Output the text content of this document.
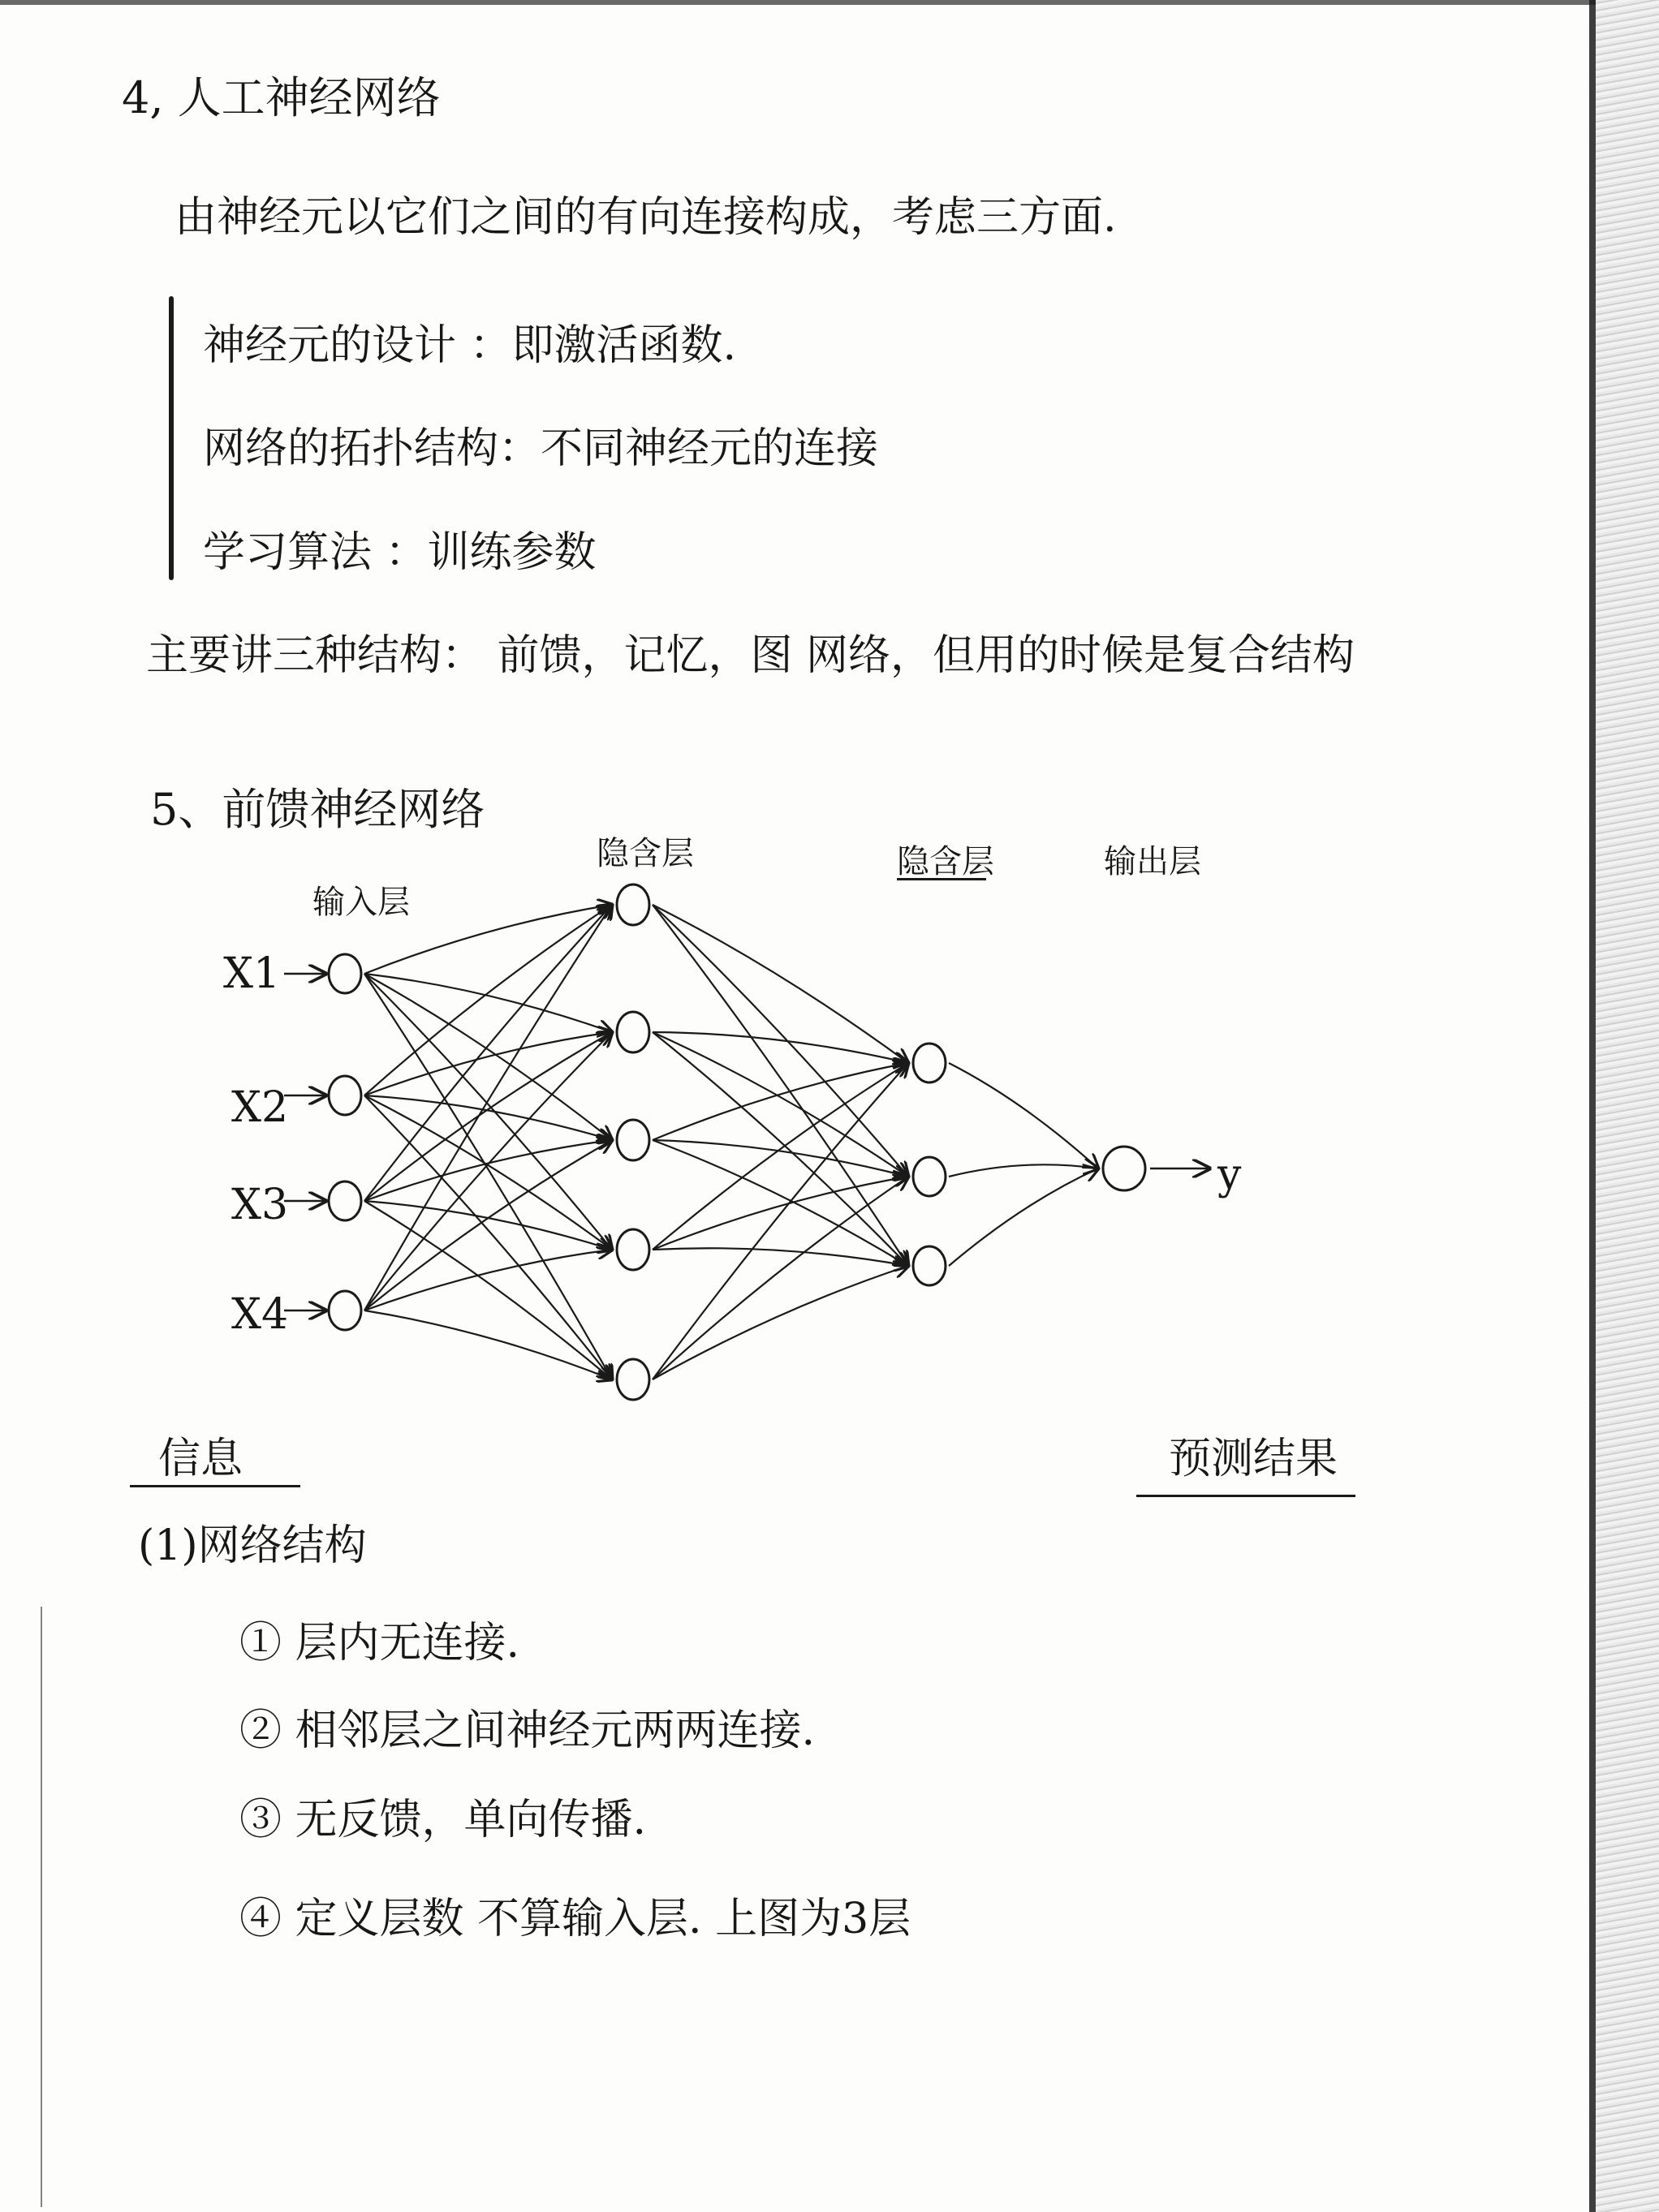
4, 人工神经网络
由神经元以它们之间的有向连接构成，考虑三方面.
神经元的设计 ：即激活函数.
网络的拓扑结构：不同神经元的连接
学习算法 ：训练参数
主要讲三种结构： 前馈，记忆，图 网络，但用的时候是复合结构
5、前馈神经网络
输入层
隐含层	隐含层	输出层
X1
X2
X3
X4
y
信息	预测结果
(1)网络结构
① 层内无连接.
② 相邻层之间神经元两两连接.
③ 无反馈，单向传播.
④ 定义层数 不算输入层. 上图为3层
